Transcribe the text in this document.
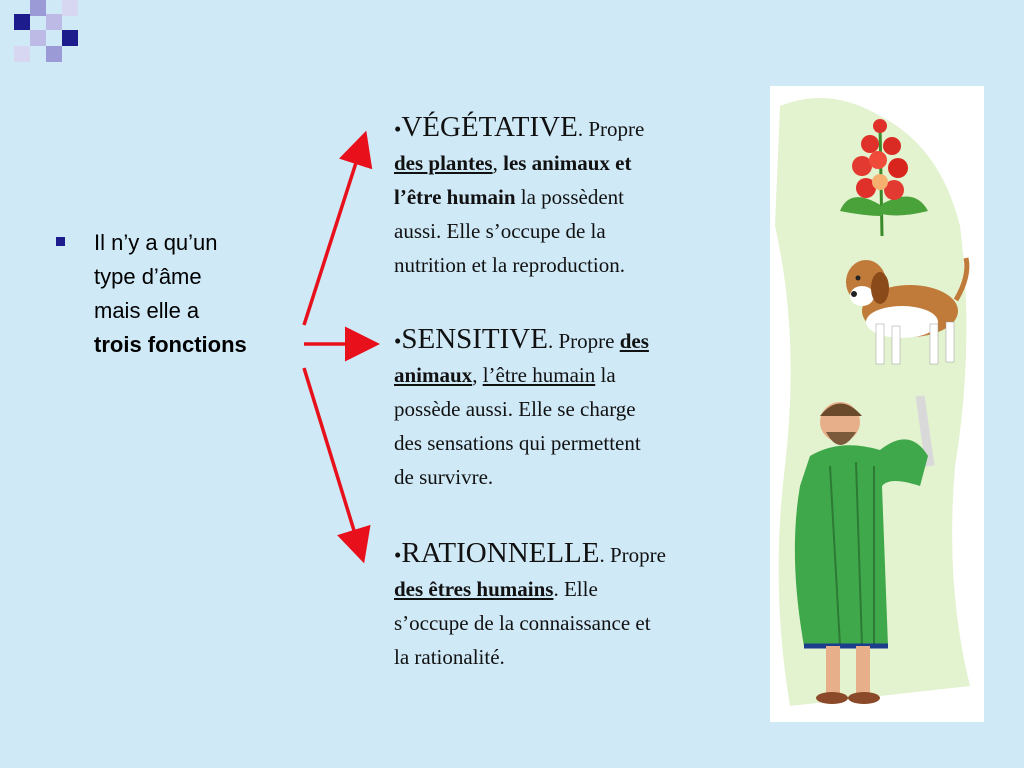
Il n’y a qu’un
type d’âme
mais elle a
trois fonctions

•VÉGÉTATIVE. Propre

des plantes, les animaux et

l’être humain la possèdent

aussi. Elle s’occupe de la

nutrition et la reproduction.

•SENSITIVE. Propre des

animaux, l’être humain la

possède aussi. Elle se charge

des sensations qui permettent

de survivre.

•RATIONNELLE. Propre

des êtres humains. Elle

s’occupe de la connaissance et

la rationalité.
